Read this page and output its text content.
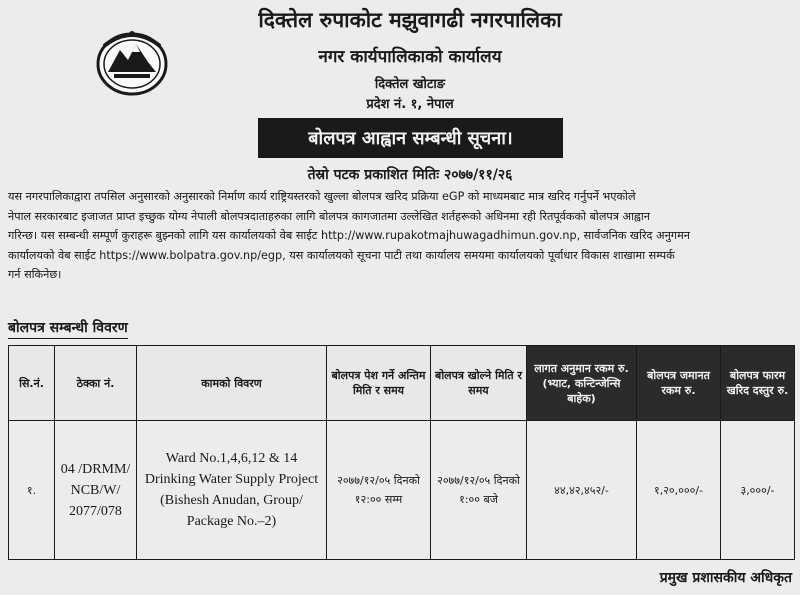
दिक्तेल रुपाकोट मझुवागढी नगरपालिका
नगर कार्यपालिकाको कार्यालय
दिक्तेल खोटाङ
प्रदेश नं. १, नेपाल
बोलपत्र आह्वान सम्बन्धी सूचना।
तेस्रो पटक प्रकाशित मितिः २०७७/११/२६
यस नगरपालिकाद्वारा तपसिल अनुसारको अनुसारको निर्माण कार्य राष्ट्रियस्तरको खुल्ला बोलपत्र खरिद प्रक्रिया eGP को माध्यमबाट मात्र खरिद गर्नुपर्ने भएकोले
नेपाल सरकारबाट इजाजत प्राप्त इच्छुक योग्य नेपाली बोलपत्रदाताहरुका लागि बोलपत्र कागजातमा उल्लेखित शर्तहरूको अधिनमा रही रितपूर्वकको बोलपत्र आह्वान
गरिन्छ। यस सम्बन्धी सम्पूर्ण कुराहरू बुझ्नको लागि यस कार्यालयको वेब साईट http://www.rupakotmajhuwagadhimun.gov.np, सार्वजनिक खरिद अनुगमन
कार्यालयको वेब साईट https://www.bolpatra.gov.np/egp, यस कार्यालयको सूचना पाटी तथा कार्यालय समयमा कार्यालयको पूर्वाधार विकास शाखामा सम्पर्क
गर्न सकिनेछ।
बोलपत्र सम्बन्धी विवरण
सि.नं.	ठेक्का नं.	कामको विवरण	बोलपत्र पेश गर्ने अन्तिम मिति र समय	बोलपत्र खोल्ने मिति र समय	लागत अनुमान रकम रु. (भ्याट, कन्टिन्जेन्सि बाहेक)	बोलपत्र जमानत रकम रु.	बोलपत्र फारम खरिद दस्तुर रु.
१.	04 /DRMM/ NCB/W/ 2077/078	Ward No.1,4,6,12 & 14 Drinking Water Supply Project (Bishesh Anudan, Group/ Package No.–2)	२०७७/१२/०५ दिनको १२:०० सम्म	२०७७/१२/०५ दिनको १:०० बजे	४४,४२,४५२/-	१,२०,०००/-	३,०००/-
प्रमुख प्रशासकीय अधिकृत
